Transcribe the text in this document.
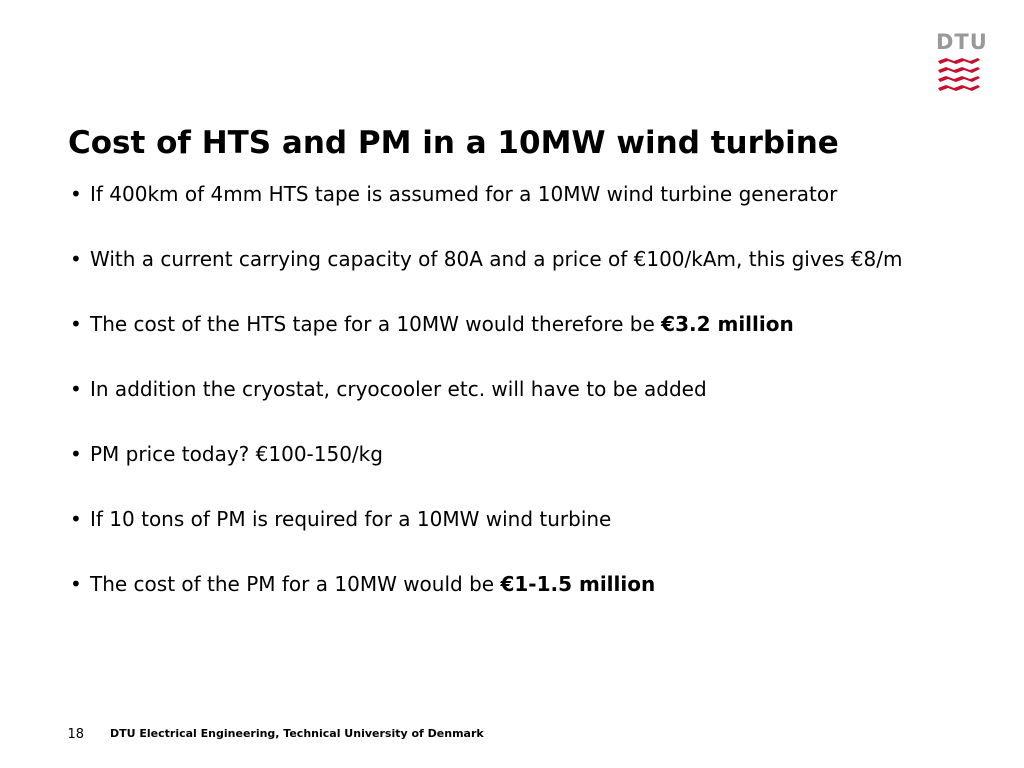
DTU
Cost of HTS and PM in a 10MW wind turbine
• If 400km of 4mm HTS tape is assumed for a 10MW wind turbine generator
• With a current carrying capacity of 80A and a price of €100/kAm, this gives €8/m
• The cost of the HTS tape for a 10MW would therefore be €3.2 million
• In addition the cryostat, cryocooler etc. will have to be added
• PM price today? €100-150/kg
• If 10 tons of PM is required for a 10MW wind turbine
• The cost of the PM for a 10MW would be €1-1.5 million
18 DTU Electrical Engineering, Technical University of Denmark
